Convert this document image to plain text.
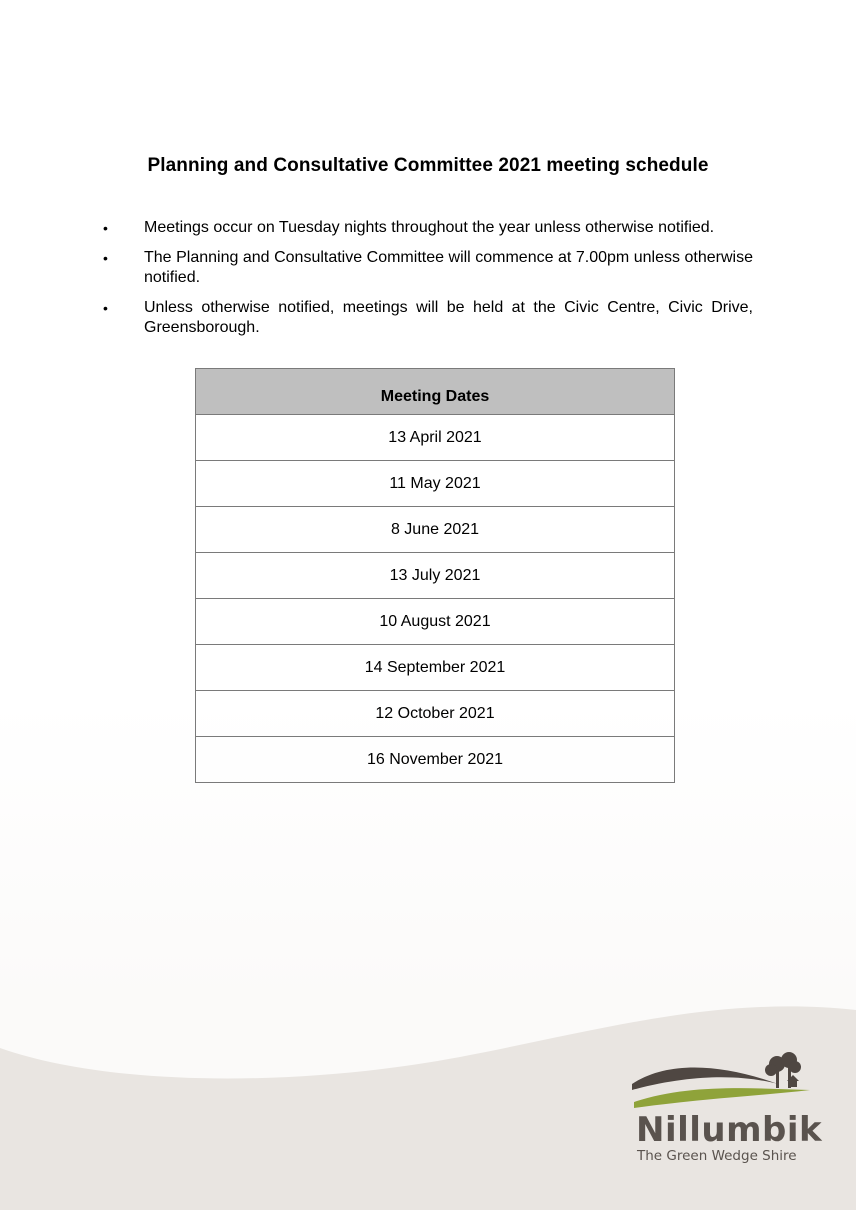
Planning and Consultative Committee 2021 meeting schedule
• Meetings occur on Tuesday nights throughout the year unless otherwise notified.
• The Planning and Consultative Committee will commence at 7.00pm unless otherwise notified.
• Unless otherwise notified, meetings will be held at the Civic Centre, Civic Drive, Greensborough.
Meeting Dates
13 April 2021
11 May 2021
8 June 2021
13 July 2021
10 August 2021
14 September 2021
12 October 2021
16 November 2021
Nillumbik
The Green Wedge Shire
